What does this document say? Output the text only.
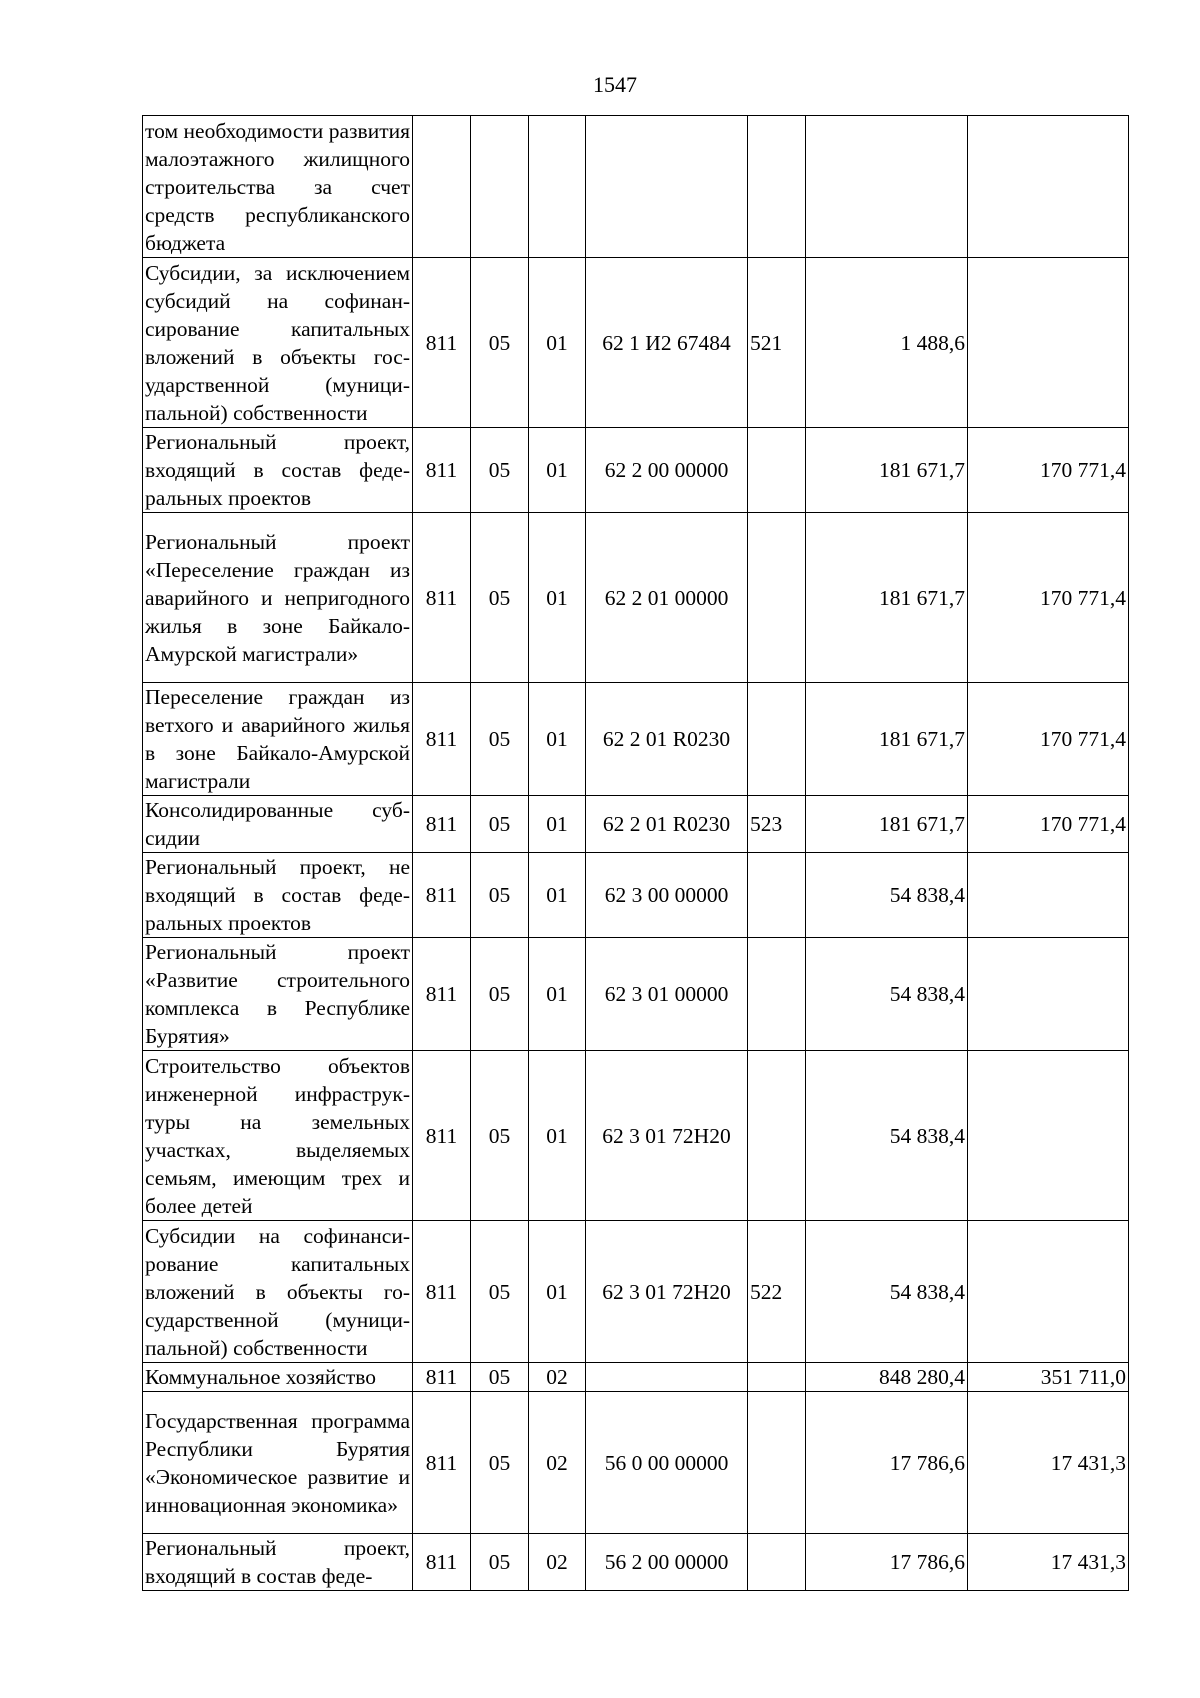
1547
том необходимости развития малоэтажного жилищного строительства за счет средств республиканского бюджета							
Субсидии, за исключением субсидий на софинансирование капитальных вложений в объекты государственной (муниципальной) собственности	811	05	01	62 1 И2 67484	521	1 488,6	
Региональный проект, входящий в состав федеральных проектов	811	05	01	62 2 00 00000		181 671,7	170 771,4
Региональный проект «Переселение граждан из аварийного и непригодного жилья в зоне Байкало-Амурской магистрали»	811	05	01	62 2 01 00000		181 671,7	170 771,4
Переселение граждан из ветхого и аварийного жилья в зоне Байкало-Амурской магистрали	811	05	01	62 2 01 R0230		181 671,7	170 771,4
Консолидированные субсидии	811	05	01	62 2 01 R0230	523	181 671,7	170 771,4
Региональный проект, не входящий в состав федеральных проектов	811	05	01	62 3 00 00000		54 838,4	
Региональный проект «Развитие строительного комплекса в Республике Бурятия»	811	05	01	62 3 01 00000		54 838,4	
Строительство объектов инженерной инфраструктуры на земельных участках, выделяемых семьям, имеющим трех и более детей	811	05	01	62 3 01 72Н20		54 838,4	
Субсидии на софинансирование капитальных вложений в объекты государственной (муниципальной) собственности	811	05	01	62 3 01 72Н20	522	54 838,4	
Коммунальное хозяйство	811	05	02			848 280,4	351 711,0
Государственная программа Республики Бурятия «Экономическое развитие и инновационная экономика»	811	05	02	56 0 00 00000		17 786,6	17 431,3
Региональный проект, входящий в состав феде-	811	05	02	56 2 00 00000		17 786,6	17 431,3
